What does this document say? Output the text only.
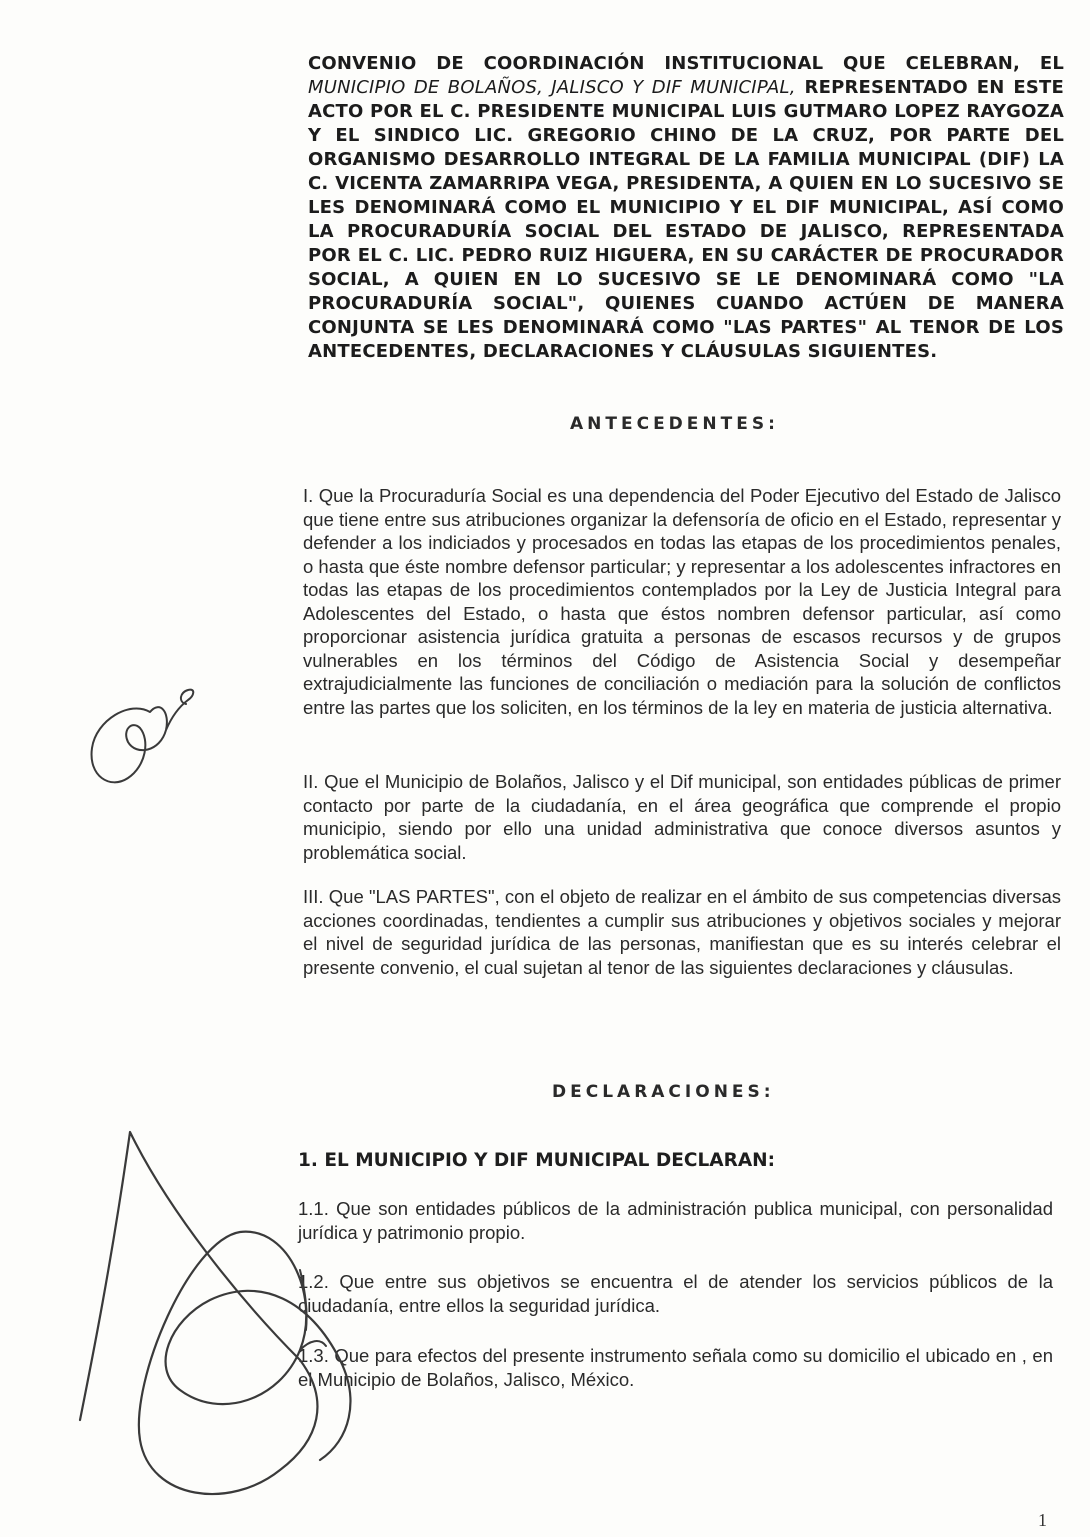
CONVENIO DE COORDINACIÓN INSTITUCIONAL QUE CELEBRAN, EL MUNICIPIO DE BOLAÑOS, JALISCO Y DIF MUNICIPAL, REPRESENTADO EN ESTE ACTO POR EL C. PRESIDENTE MUNICIPAL LUIS GUTMARO LOPEZ RAYGOZA Y EL SINDICO LIC. GREGORIO CHINO DE LA CRUZ, POR PARTE DEL ORGANISMO DESARROLLO INTEGRAL DE LA FAMILIA MUNICIPAL (DIF) LA C. VICENTA ZAMARRIPA VEGA, PRESIDENTA, A QUIEN EN LO SUCESIVO SE LES DENOMINARÁ COMO EL MUNICIPIO Y EL DIF MUNICIPAL, ASÍ COMO LA PROCURADURÍA SOCIAL DEL ESTADO DE JALISCO, REPRESENTADA POR EL C. LIC. PEDRO RUIZ HIGUERA, EN SU CARÁCTER DE PROCURADOR SOCIAL, A QUIEN EN LO SUCESIVO SE LE DENOMINARÁ COMO "LA PROCURADURÍA SOCIAL", QUIENES CUANDO ACTÚEN DE MANERA CONJUNTA SE LES DENOMINARÁ COMO "LAS PARTES" AL TENOR DE LOS ANTECEDENTES, DECLARACIONES Y CLÁUSULAS SIGUIENTES.
ANTECEDENTES:
I. Que la Procuraduría Social es una dependencia del Poder Ejecutivo del Estado de Jalisco que tiene entre sus atribuciones organizar la defensoría de oficio en el Estado, representar y defender a los indiciados y procesados en todas las etapas de los procedimientos penales, o hasta que éste nombre defensor particular; y representar a los adolescentes infractores en todas las etapas de los procedimientos contemplados por la Ley de Justicia Integral para Adolescentes del Estado, o hasta que éstos nombren defensor particular, así como proporcionar asistencia jurídica gratuita a personas de escasos recursos y de grupos vulnerables en los términos del Código de Asistencia Social y desempeñar extrajudicialmente las funciones de conciliación o mediación para la solución de conflictos entre las partes que los soliciten, en los términos de la ley en materia de justicia alternativa.
II. Que el Municipio de Bolaños, Jalisco y el Dif municipal, son entidades públicas de primer contacto por parte de la ciudadanía, en el área geográfica que comprende el propio municipio, siendo por ello una unidad administrativa que conoce diversos asuntos y problemática social.
III. Que "LAS PARTES", con el objeto de realizar en el ámbito de sus competencias diversas acciones coordinadas, tendientes a cumplir sus atribuciones y objetivos sociales y mejorar el nivel de seguridad jurídica de las personas, manifiestan que es su interés celebrar el presente convenio, el cual sujetan al tenor de las siguientes declaraciones y cláusulas.
DECLARACIONES:
1. EL MUNICIPIO Y DIF MUNICIPAL DECLARAN:
1.1. Que son entidades públicos de la administración publica municipal, con personalidad jurídica y patrimonio propio.
1.2. Que entre sus objetivos se encuentra el de atender los servicios públicos de la ciudadanía, entre ellos la seguridad jurídica.
1.3. Que para efectos del presente instrumento señala como su domicilio el ubicado en , en el Municipio de Bolaños, Jalisco, México.
1
